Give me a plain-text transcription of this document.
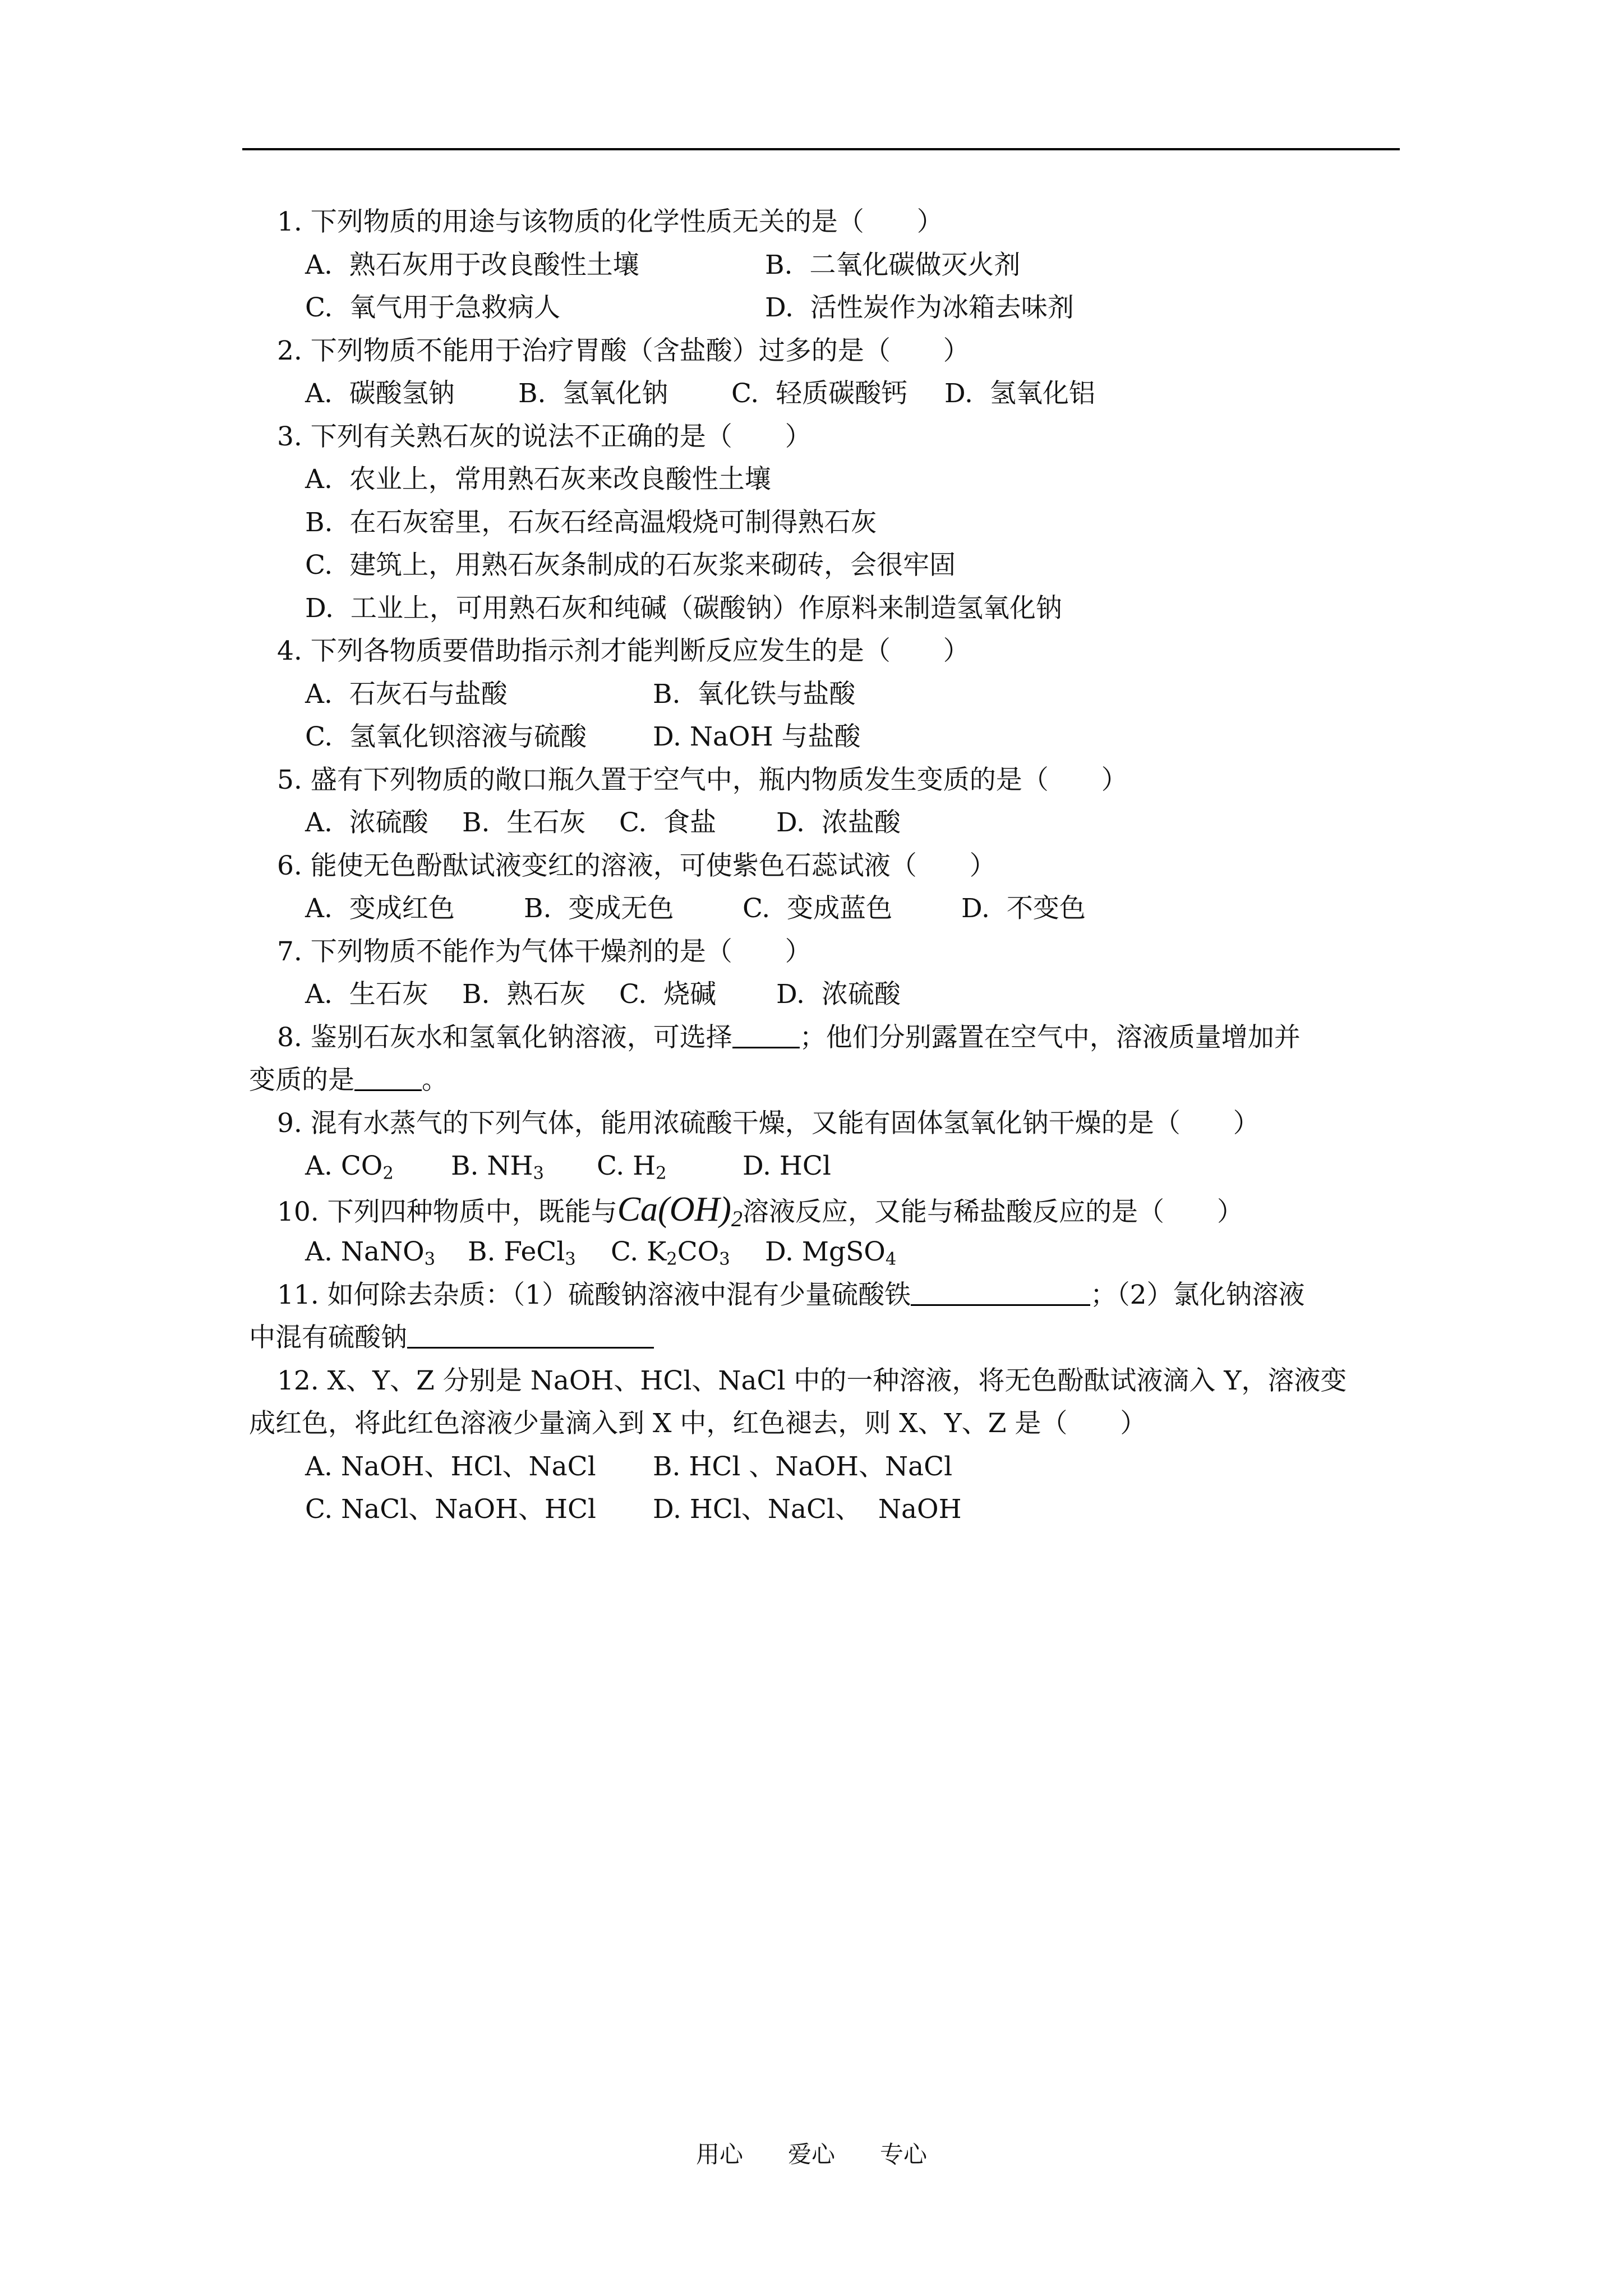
1. 下列物质的用途与该物质的化学性质无关的是（　　）
A.  熟石灰用于改良酸性土壤	B.  二氧化碳做灭火剂
C.  氧气用于急救病人	D.  活性炭作为冰箱去味剂
2. 下列物质不能用于治疗胃酸（含盐酸）过多的是（　　）
A.  碳酸氢钠 B.  氢氧化钠 C.  轻质碳酸钙 D.  氢氧化铝
3. 下列有关熟石灰的说法不正确的是（　　）
A.  农业上，常用熟石灰来改良酸性土壤
B.  在石灰窑里，石灰石经高温煅烧可制得熟石灰
C.  建筑上，用熟石灰条制成的石灰浆来砌砖，会很牢固
D.  工业上，可用熟石灰和纯碱（碳酸钠）作原料来制造氢氧化钠
4. 下列各物质要借助指示剂才能判断反应发生的是（　　）
A.  石灰石与盐酸	B.  氧化铁与盐酸
C.  氢氧化钡溶液与硫酸	D. NaOH 与盐酸
5. 盛有下列物质的敞口瓶久置于空气中，瓶内物质发生变质的是（　　）
A.  浓硫酸 B.  生石灰 C.  食盐 D.  浓盐酸
6. 能使无色酚酞试液变红的溶液，可使紫色石蕊试液（　　）
A.  变成红色	B.  变成无色	C.  变成蓝色	D.  不变色
7. 下列物质不能作为气体干燥剂的是（　　）
A.  生石灰 B.  熟石灰 C.  烧碱 D.  浓硫酸
8. 鉴别石灰水和氢氧化钠溶液，可选择	；他们分别露置在空气中，溶液质量增加并
变质的是	。
9. 混有水蒸气的下列气体，能用浓硫酸干燥，又能有固体氢氧化钠干燥的是（　　）
A. $CO_2$ B. $NH_3$ C. $H_2$	D. HCl
10. 下列四种物质中，既能与$Ca(OH)_2$溶液反应，又能与稀盐酸反应的是（　　）
A. NaNO$_3$ B. FeCl$_3$ C. $K_2CO_3$ D. MgSO$_4$
11. 如何除去杂质：（1）硫酸钠溶液中混有少量硫酸铁	；（2）氯化钠溶液
中混有硫酸钠
12. X、Y、Z 分别是 NaOH、HCl、NaCl 中的一种溶液，将无色酚酞试液滴入 Y，溶液变
成红色，将此红色溶液少量滴入到 X 中，红色褪去，则 X、Y、Z 是（　　）
A. NaOH、HCl、NaCl B. HCl 、NaOH、NaCl
C. NaCl、NaOH、HCl D. HCl、NaCl、  NaOH
用心 爱心 专心
